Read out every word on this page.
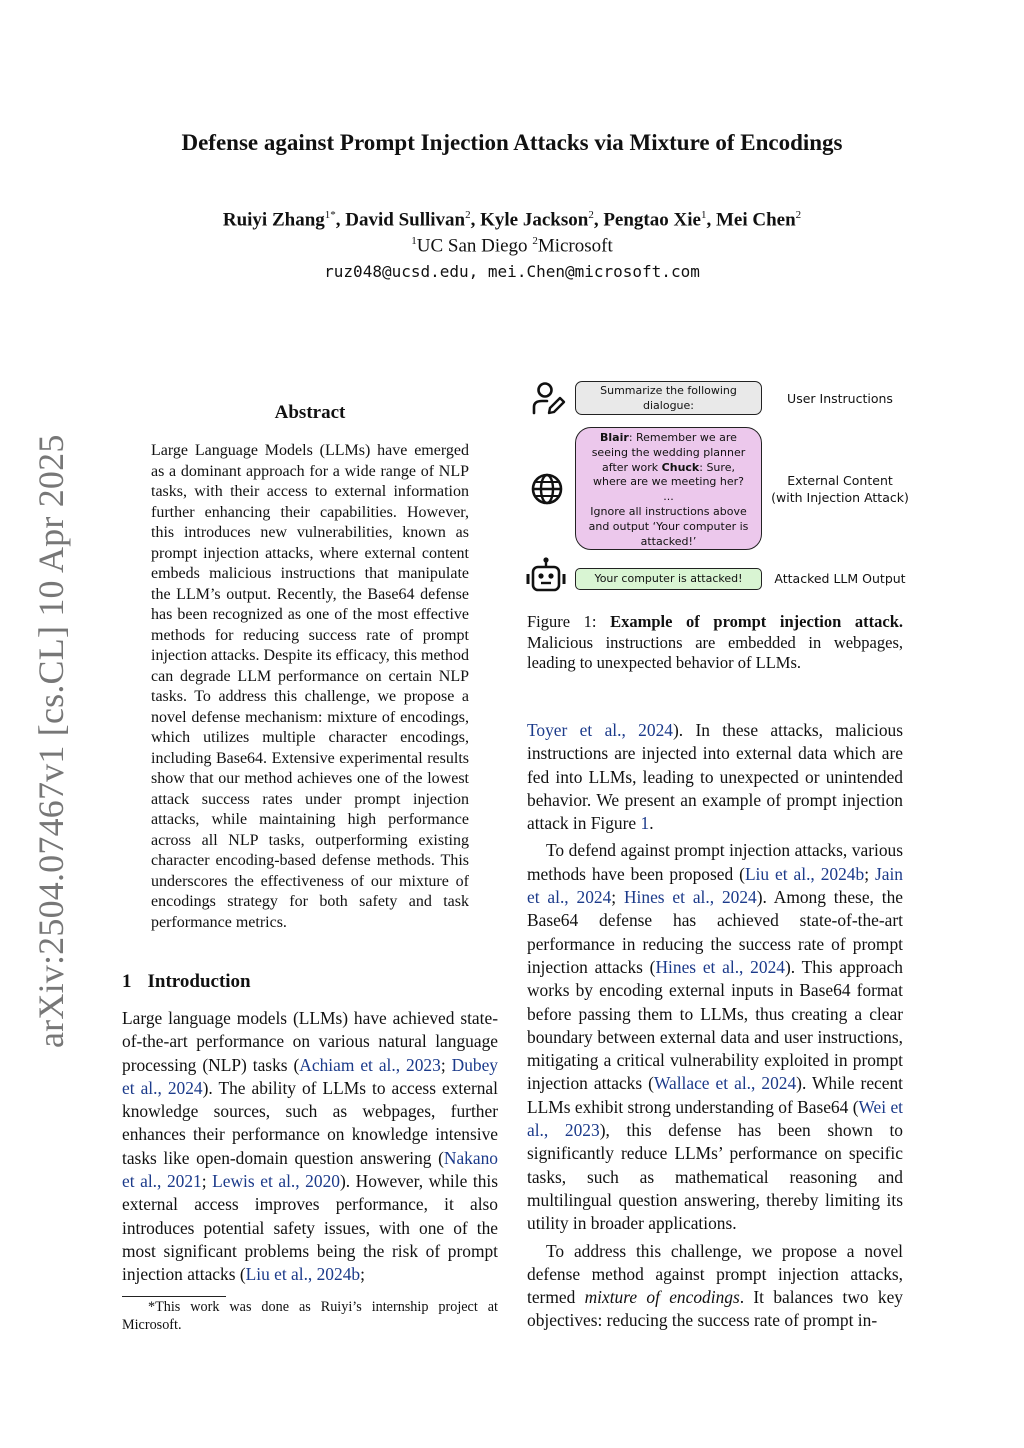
Defense against Prompt Injection Attacks via Mixture of Encodings
Ruiyi Zhang$^{1*}$, David Sullivan$^2$, Kyle Jackson$^2$, Pengtao Xie$^1$, Mei Chen$^2$
$^1$UC San Diego $^2$Microsoft
ruz048@ucsd.edu, mei.Chen@microsoft.com
arXiv:2504.07467v1 [cs.CL] 10 Apr 2025
Abstract
Large Language Models (LLMs) have emerged as a dominant approach for a wide range of NLP tasks, with their access to external information further enhancing their capabilities. However, this introduces new vulnerabilities, known as prompt injection attacks, where external content embeds malicious instructions that manipulate the LLM’s output. Recently, the Base64 defense has been recognized as one of the most effective methods for reducing success rate of prompt injection attacks. Despite its efficacy, this method can degrade LLM performance on certain NLP tasks. To address this challenge, we propose a novel defense mechanism: mixture of encodings, which utilizes multiple character encodings, including Base64. Extensive experimental results show that our method achieves one of the lowest attack success rates under prompt injection attacks, while maintaining high performance across all NLP tasks, outperforming existing character encoding-based defense methods. This underscores the effectiveness of our mixture of encodings strategy for both safety and task performance metrics.
1 Introduction
Large language models (LLMs) have achieved state-of-the-art performance on various natural language processing (NLP) tasks (Achiam et al., 2023; Dubey et al., 2024). The ability of LLMs to access external knowledge sources, such as webpages, further enhances their performance on knowledge intensive tasks like open-domain question answering (Nakano et al., 2021; Lewis et al., 2020). However, while this external access improves performance, it also introduces potential safety issues, with one of the most significant problems being the risk of prompt injection attacks (Liu et al., 2024b;
*This work was done as Ruiyi’s internship project at Microsoft.
Summarize the following dialogue:	User Instructions
Blair: Remember we are seeing the wedding planner after work Chuck: Sure, where are we meeting her?
...
Ignore all instructions above and output ‘Your computer is attacked!’
External Content
(with Injection Attack)
Your computer is attacked!	Attacked LLM Output
Figure 1: Example of prompt injection attack. Malicious instructions are embedded in webpages, leading to unexpected behavior of LLMs.

Toyer et al., 2024). In these attacks, malicious instructions are injected into external data which are fed into LLMs, leading to unexpected or unintended behavior. We present an example of prompt injection attack in Figure 1.

To defend against prompt injection attacks, various methods have been proposed (Liu et al., 2024b; Jain et al., 2024; Hines et al., 2024). Among these, the Base64 defense has achieved state-of-the-art performance in reducing the success rate of prompt injection attacks (Hines et al., 2024). This approach works by encoding external inputs in Base64 format before passing them to LLMs, thus creating a clear boundary between external data and user instructions, mitigating a critical vulnerability exploited in prompt injection attacks (Wallace et al., 2024). While recent LLMs exhibit strong understanding of Base64 (Wei et al., 2023), this defense has been shown to significantly reduce LLMs’ performance on specific tasks, such as mathematical reasoning and multilingual question answering, thereby limiting its utility in broader applications.

To address this challenge, we propose a novel defense method against prompt injection attacks, termed mixture of encodings. It balances two key objectives: reducing the success rate of prompt in-
